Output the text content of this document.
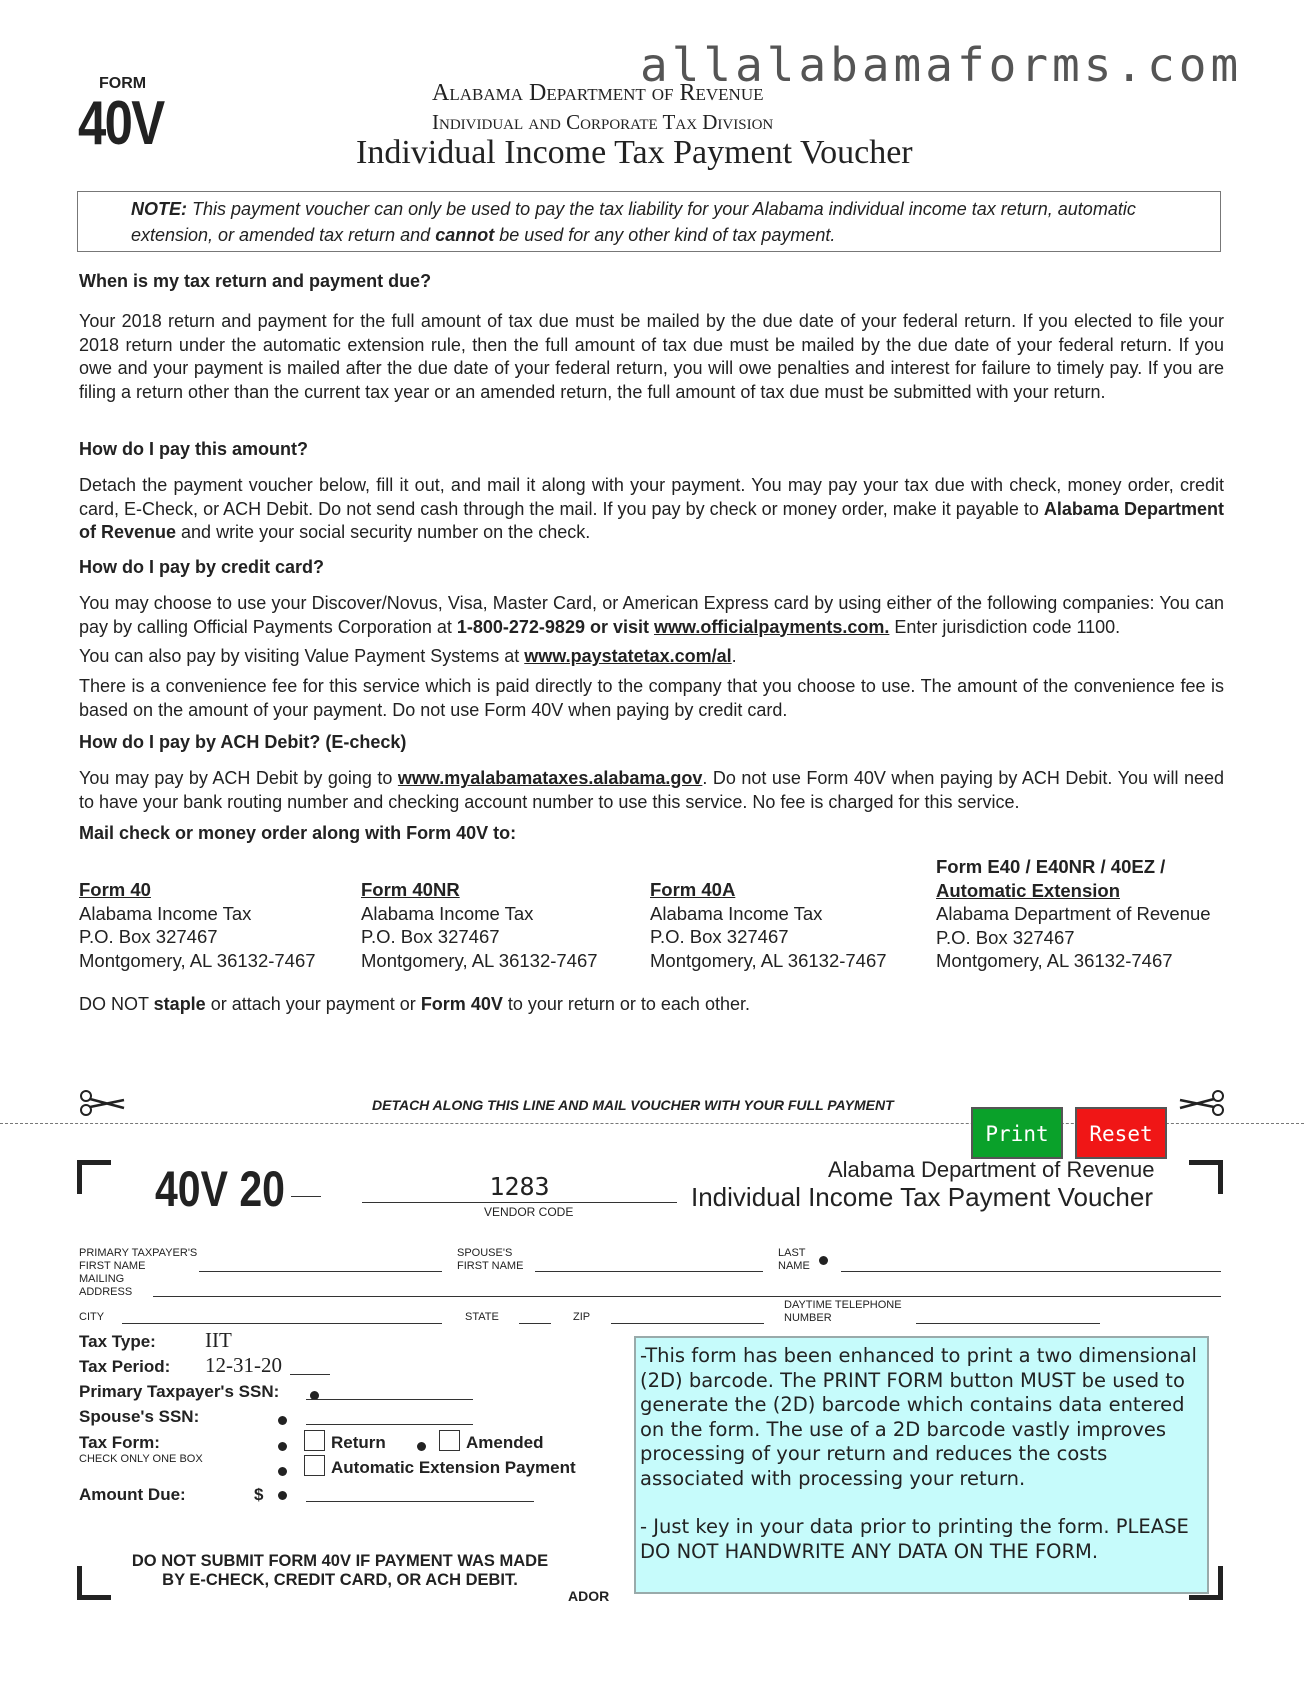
allalabamaforms.com
FORM
40V	Alabama Department of Revenue
Individual and Corporate Tax Division
Individual Income Tax Payment Voucher
NOTE: This payment voucher can only be used to pay the tax liability for your Alabama individual income tax return, automatic extension, or amended tax return and cannot be used for any other kind of tax payment.
When is my tax return and payment due?
Your 2018 return and payment for the full amount of tax due must be mailed by the due date of your federal return. If you elected to file your 2018 return under the automatic extension rule, then the full amount of tax due must be mailed by the due date of your federal return. If you owe and your payment is mailed after the due date of your federal return, you will owe penalties and interest for failure to timely pay. If you are filing a return other than the current tax year or an amended return, the full amount of tax due must be submitted with your return.
How do I pay this amount?
Detach the payment voucher below, fill it out, and mail it along with your payment. You may pay your tax due with check, money order, credit card, E-Check, or ACH Debit. Do not send cash through the mail. If you pay by check or money order, make it payable to Alabama Department of Revenue and write your social security number on the check.
How do I pay by credit card?
You may choose to use your Discover/Novus, Visa, Master Card, or American Express card by using either of the following companies: You can pay by calling Official Payments Corporation at 1-800-272-9829 or visit www.officialpayments.com. Enter jurisdiction code 1100.
You can also pay by visiting Value Payment Systems at www.paystatetax.com/al.
There is a convenience fee for this service which is paid directly to the company that you choose to use. The amount of the convenience fee is based on the amount of your payment. Do not use Form 40V when paying by credit card.
How do I pay by ACH Debit? (E-check)
You may pay by ACH Debit by going to www.myalabamataxes.alabama.gov. Do not use Form 40V when paying by ACH Debit. You will need to have your bank routing number and checking account number to use this service. No fee is charged for this service.
Mail check or money order along with Form 40V to:
Form 40
Alabama Income Tax
P.O. Box 327467
Montgomery, AL 36132-7467
Form 40NR
Alabama Income Tax
P.O. Box 327467
Montgomery, AL 36132-7467
Form 40A
Alabama Income Tax
P.O. Box 327467
Montgomery, AL 36132-7467
Form E40 / E40NR / 40EZ /
Automatic Extension
Alabama Department of Revenue
P.O. Box 327467
Montgomery, AL 36132-7467
DO NOT staple or attach your payment or Form 40V to your return or to each other.
DETACH ALONG THIS LINE AND MAIL VOUCHER WITH YOUR FULL PAYMENT
Print	Reset
40V 20	1283
VENDOR CODE
Alabama Department of Revenue
Individual Income Tax Payment Voucher
PRIMARY TAXPAYER'S FIRST NAME
SPOUSE'S FIRST NAME
LAST NAME
MAILING ADDRESS
CITY	STATE	ZIP
DAYTIME TELEPHONE NUMBER
Tax Type: IIT
Tax Period: 12-31-20
Primary Taxpayer's SSN:
Spouse's SSN:
Tax Form:
CHECK ONLY ONE BOX
Return	Amended
Automatic Extension Payment
Amount Due:	$
DO NOT SUBMIT FORM 40V IF PAYMENT WAS MADE
BY E-CHECK, CREDIT CARD, OR ACH DEBIT.
ADOR
-This form has been enhanced to print a two dimensional (2D) barcode. The PRINT FORM button MUST be used to generate the (2D) barcode which contains data entered on the form. The use of a 2D barcode vastly improves processing of your return and reduces the costs associated with processing your return.
- Just key in your data prior to printing the form. PLEASE DO NOT HANDWRITE ANY DATA ON THE FORM.
